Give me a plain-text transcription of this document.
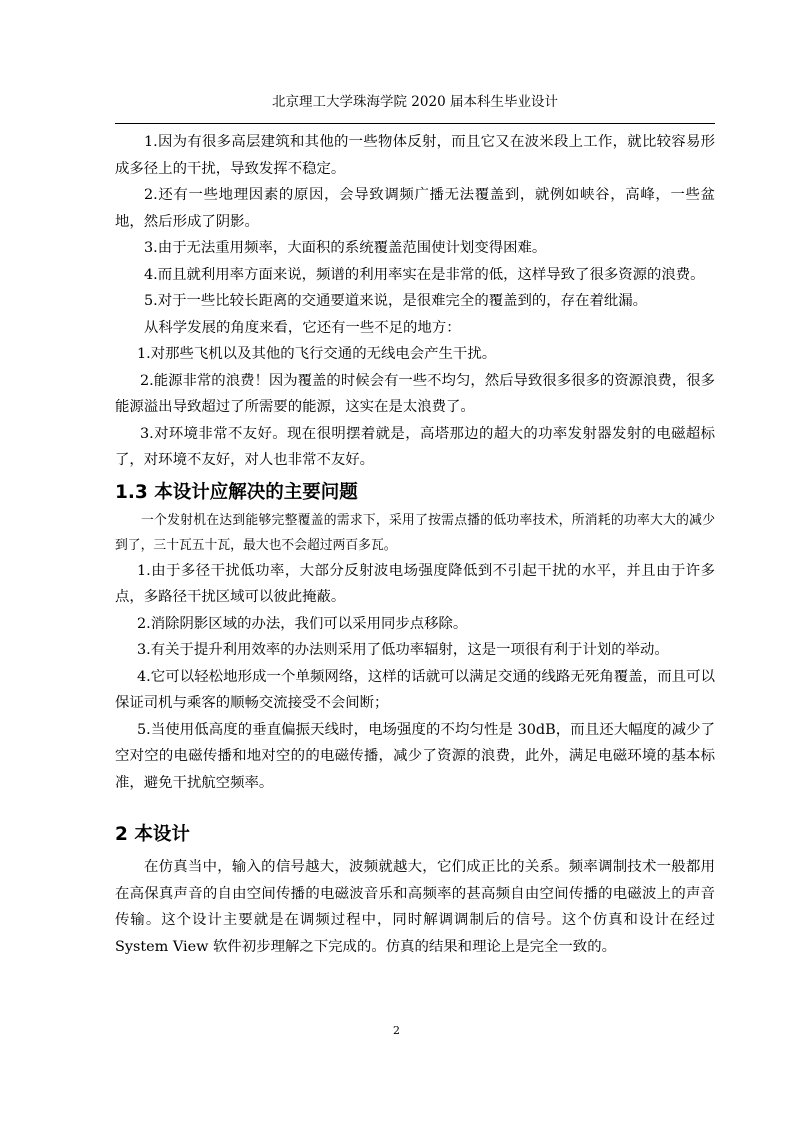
北京理工大学珠海学院 2020 届本科生毕业设计

1.因为有很多高层建筑和其他的一些物体反射，而且它又在波米段上工作，就比较容易形成多径上的干扰，导致发挥不稳定。

2.还有一些地理因素的原因，会导致调频广播无法覆盖到，就例如峡谷，高峰，一些盆地，然后形成了阴影。

3.由于无法重用频率，大面积的系统覆盖范围使计划变得困难。

4.而且就利用率方面来说，频谱的利用率实在是非常的低，这样导致了很多资源的浪费。

5.对于一些比较长距离的交通要道来说，是很难完全的覆盖到的，存在着纰漏。

从科学发展的角度来看，它还有一些不足的地方：

1.对那些飞机以及其他的飞行交通的无线电会产生干扰。

2.能源非常的浪费！因为覆盖的时候会有一些不均匀，然后导致很多很多的资源浪费，很多能源溢出导致超过了所需要的能源，这实在是太浪费了。

3.对环境非常不友好。现在很明摆着就是，高塔那边的超大的功率发射器发射的电磁超标了，对环境不友好，对人也非常不友好。

1.3 本设计应解决的主要问题

一个发射机在达到能够完整覆盖的需求下，采用了按需点播的低功率技术，所消耗的功率大大的减少到了，三十瓦五十瓦，最大也不会超过两百多瓦。

1.由于多径干扰低功率，大部分反射波电场强度降低到不引起干扰的水平，并且由于许多点，多路径干扰区域可以彼此掩蔽。

2.消除阴影区域的办法，我们可以采用同步点移除。

3.有关于提升利用效率的办法则采用了低功率辐射，这是一项很有利于计划的举动。

4.它可以轻松地形成一个单频网络，这样的话就可以满足交通的线路无死角覆盖，而且可以保证司机与乘客的顺畅交流接受不会间断；

5.当使用低高度的垂直偏振天线时，电场强度的不均匀性是 30dB，而且还大幅度的减少了空对空的电磁传播和地对空的的电磁传播，减少了资源的浪费，此外，满足电磁环境的基本标准，避免干扰航空频率。

2 本设计

在仿真当中，输入的信号越大，波频就越大，它们成正比的关系。频率调制技术一般都用在高保真声音的自由空间传播的电磁波音乐和高频率的甚高频自由空间传播的电磁波上的声音传输。这个设计主要就是在调频过程中，同时解调调制后的信号。这个仿真和设计在经过 System View 软件初步理解之下完成的。仿真的结果和理论上是完全一致的。

2
